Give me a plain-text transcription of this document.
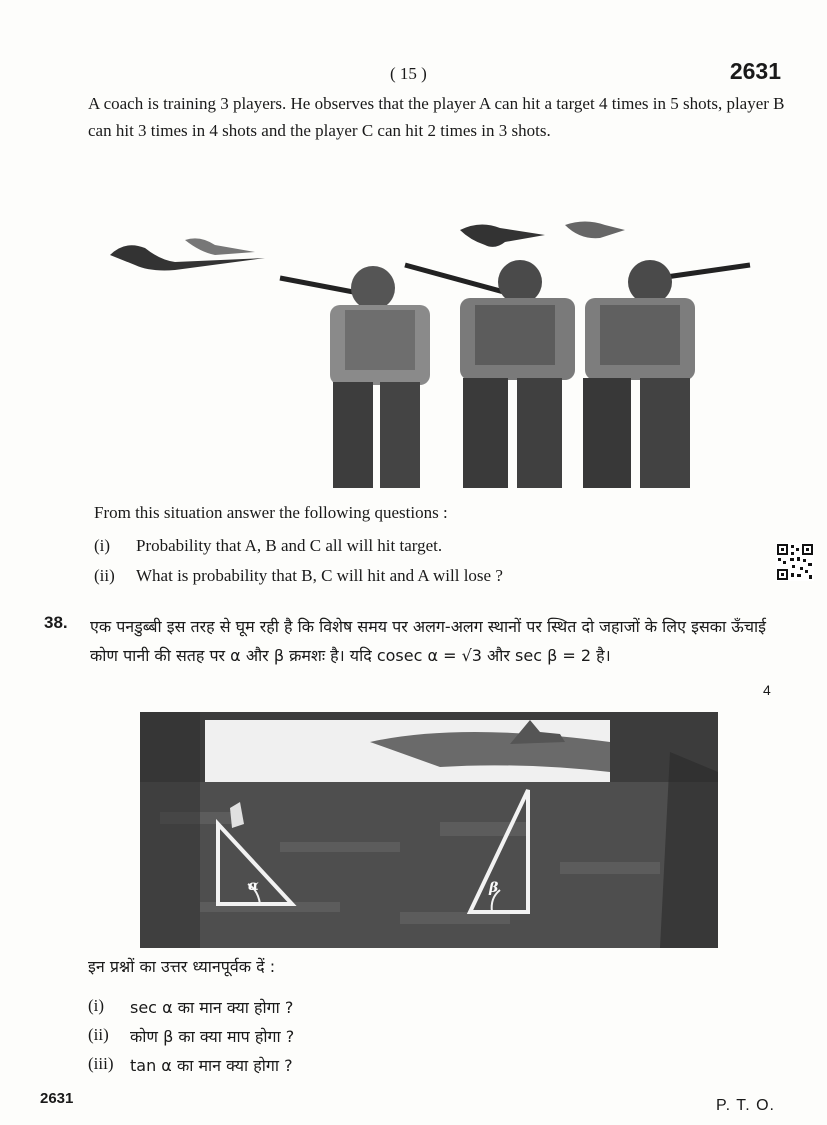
( 15 )	2631
A coach is training 3 players. He observes that the player A can hit a target 4 times in 5 shots, player B can hit 3 times in 4 shots and the player C can hit 2 times in 3 shots.
From this situation answer the following questions :
(i) Probability that A, B and C all will hit target.
(ii) What is probability that B, C will hit and A will lose ?
38. एक पनडुब्बी इस तरह से घूम रही है कि विशेष समय पर अलग-अलग स्थानों पर स्थित दो जहाजों के लिए इसका ऊँचाई कोण पानी की सतह पर α और β क्रमशः है। यदि cosec α = √3 और sec β = 2 है।
4
α	β
इन प्रश्नों का उत्तर ध्यानपूर्वक दें :
(i) sec α का मान क्या होगा ?
(ii) कोण β का क्या माप होगा ?
(iii) tan α का मान क्या होगा ?
2631	P. T. O.
